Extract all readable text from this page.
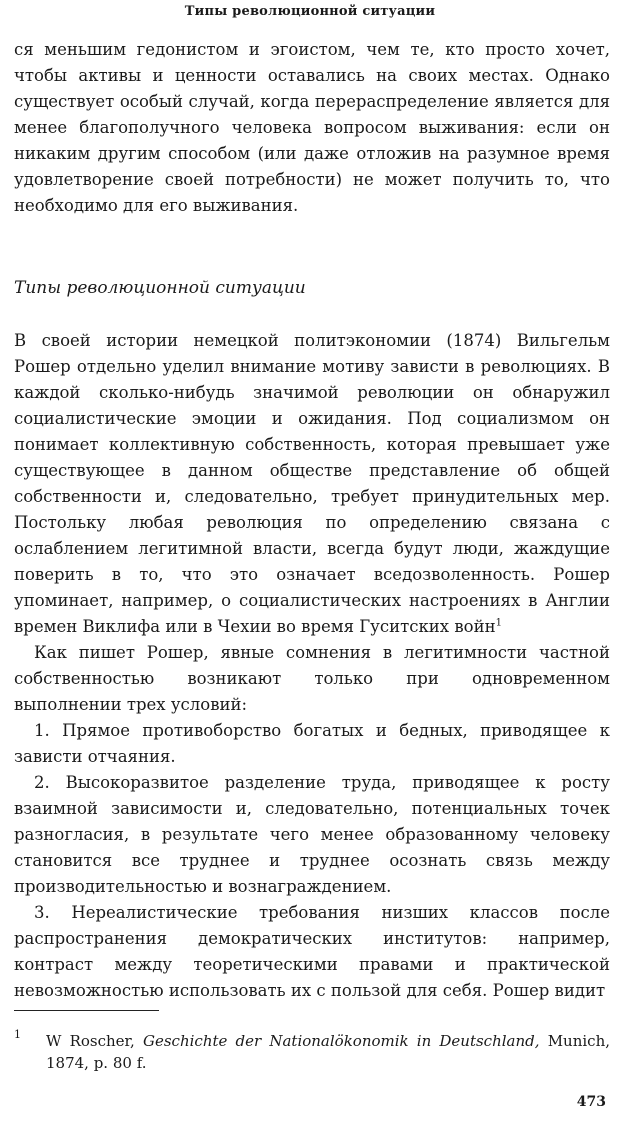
Типы революционной ситуации

ся меньшим гедонистом и эгоистом, чем те, кто просто хочет, чтобы активы и ценности оставались на своих местах. Однако существует особый случай, когда перераспределение является для менее благополучного человека вопросом выживания: если он никаким другим способом (или даже отложив на разумное время удовлетворение своей потребности) не может получить то, что необходимо для его выживания.

Типы революционной ситуации

В своей истории немецкой политэкономии (1874) Вильгельм Рошер отдельно уделил внимание мотиву зависти в революциях. В каждой сколько-нибудь значимой революции он обнаружил социалистические эмоции и ожидания. Под социализмом он понимает коллективную собственность, которая превышает уже существующее в данном обществе представление об общей собственности и, следовательно, требует принудительных мер. Постольку любая революция по определению связана с ослаблением легитимной власти, всегда будут люди, жаждущие поверить в то, что это означает вседозволенность. Рошер упоминает, например, о социалистических настроениях в Англии времен Виклифа или в Чехии во время Гуситских войн$^1$

Как пишет Рошер, явные сомнения в легитимности частной собственностью возникают только при одновременном выполнении трех условий:

1. Прямое противоборство богатых и бедных, приводящее к зависти отчаяния.

2. Высокоразвитое разделение труда, приводящее к росту взаимной зависимости и, следовательно, потенциальных точек разногласия, в результате чего менее образованному человеку становится все труднее и труднее осознать связь между производительностью и вознаграждением.

3. Нереалистические требования низших классов после распространения демократических институтов: например, контраст между теоретическими правами и практической невозможностью использовать их с пользой для себя. Рошер видит

1	W Roscher, Geschichte der Nationalökonomik in Deutschland, Munich, 1874, p. 80 f.
473
